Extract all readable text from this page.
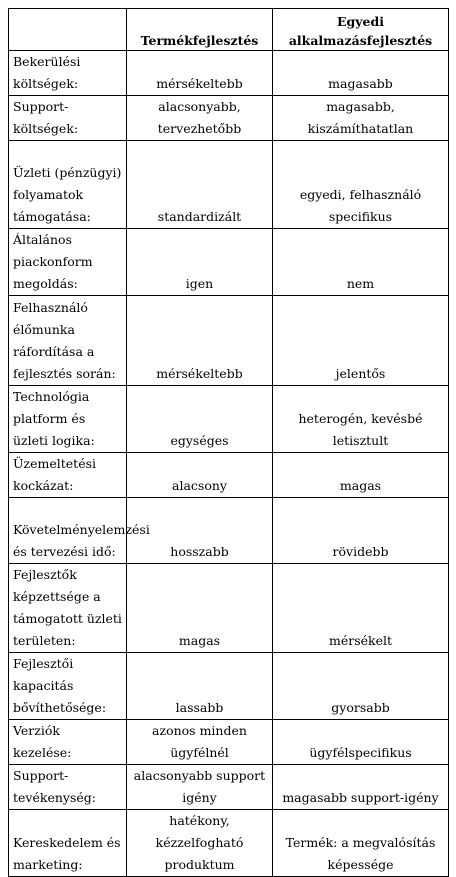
	Termékfejlesztés	Egyedi alkalmazásfejlesztés
Bekerülési költségek:	mérsékeltebb	magasabb
Support-költségek:	alacsonyabb, tervezhetőbb	magasabb, kiszámíthatatlan
Üzleti (pénzügyi) folyamatok támogatása:	standardizált	egyedi, felhasználó specifikus
Általános piackonform megoldás:	igen	nem
Felhasználó élőmunka ráfordítása a fejlesztés során:	mérsékeltebb	jelentős
Technológia platform és üzleti logika:	egységes	heterogén, kevésbé letisztult
Üzemeltetési kockázat:	alacsony	magas
Követelményelemzési és tervezési idő:	hosszabb	rövidebb
Fejlesztők képzettsége a támogatott üzleti területen:	magas	mérsékelt
Fejlesztői kapacitás bővíthetősége:	lassabb	gyorsabb
Verziók kezelése:	azonos minden ügyfélnél	ügyfélspecifikus
Support-tevékenység:	alacsonyabb support igény	magasabb support-igény
Kereskedelem és marketing:	hatékony, kézzelfogható produktum	Termék: a megvalósítás képessége
